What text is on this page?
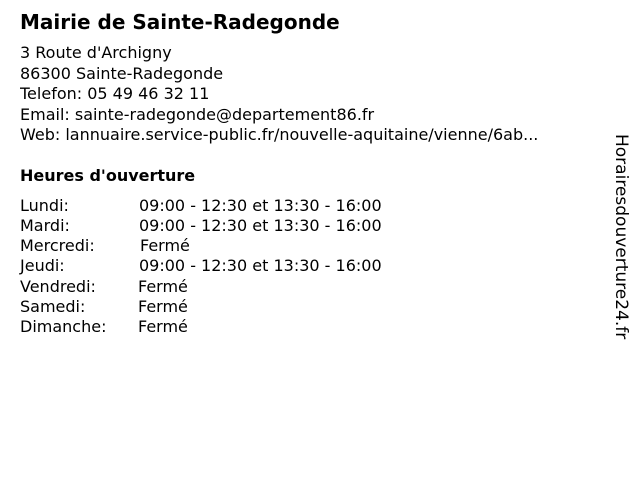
Mairie de Sainte-Radegonde
3 Route d'Archigny
86300 Sainte-Radegonde
Telefon: 05 49 46 32 11
Email: sainte-radegonde@departement86.fr
Web: lannuaire.service-public.fr/nouvelle-aquitaine/vienne/6ab...
Heures d'ouverture
Lundi:	09:00 - 12:30 et 13:30 - 16:00
Mardi:	09:00 - 12:30 et 13:30 - 16:00
Mercredi:	Fermé
Jeudi:	09:00 - 12:30 et 13:30 - 16:00
Vendredi:	Fermé
Samedi:	Fermé
Dimanche: Fermé	Horairesdouverture24.fr
